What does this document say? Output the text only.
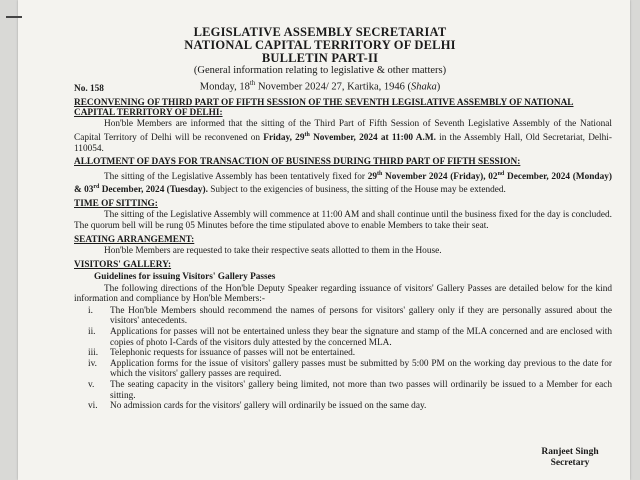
LEGISLATIVE ASSEMBLY SECRETARIAT
NATIONAL CAPITAL TERRITORY OF DELHI
BULLETIN PART-II
(General information relating to legislative & other matters)
Monday, 18th November 2024/ 27, Kartika, 1946 (Shaka)
No. 158
RECONVENING OF THIRD PART OF FIFTH SESSION OF THE SEVENTH LEGISLATIVE ASSEMBLY OF NATIONAL CAPITAL TERRITORY OF DELHI:
Hon'ble Members are informed that the sitting of the Third Part of Fifth Session of Seventh Legislative Assembly of the National Capital Territory of Delhi will be reconvened on Friday, 29th November, 2024 at 11:00 A.M. in the Assembly Hall, Old Secretariat, Delhi-110054.
ALLOTMENT OF DAYS FOR TRANSACTION OF BUSINESS DURING THIRD PART OF FIFTH SESSION:
The sitting of the Legislative Assembly has been tentatively fixed for 29th November 2024 (Friday), 02nd December, 2024 (Monday) & 03rd December, 2024 (Tuesday). Subject to the exigencies of business, the sitting of the House may be extended.
TIME OF SITTING:
The sitting of the Legislative Assembly will commence at 11:00 AM and shall continue until the business fixed for the day is concluded. The quorum bell will be rung 05 Minutes before the time stipulated above to enable Members to take their seat.
SEATING ARRANGEMENT:
Hon'ble Members are requested to take their respective seats allotted to them in the House.
VISITORS' GALLERY:
Guidelines for issuing Visitors' Gallery Passes
The following directions of the Hon'ble Deputy Speaker regarding issuance of visitors' Gallery Passes are detailed below for the kind information and compliance by Hon'ble Members:-
i.	The Hon'ble Members should recommend the names of persons for visitors' gallery only if they are personally assured about the visitors' antecedents.
ii.	Applications for passes will not be entertained unless they bear the signature and stamp of the MLA concerned and are enclosed with copies of photo I-Cards of the visitors duly attested by the concerned MLA.
iii.	Telephonic requests for issuance of passes will not be entertained.
iv.	Application forms for the issue of visitors' gallery passes must be submitted by 5:00 PM on the working day previous to the date for which the visitors' gallery passes are required.
v.	The seating capacity in the visitors' gallery being limited, not more than two passes will ordinarily be issued to a Member for each sitting.
vi.	No admission cards for the visitors' gallery will ordinarily be issued on the same day.
Ranjeet Singh
Secretary
